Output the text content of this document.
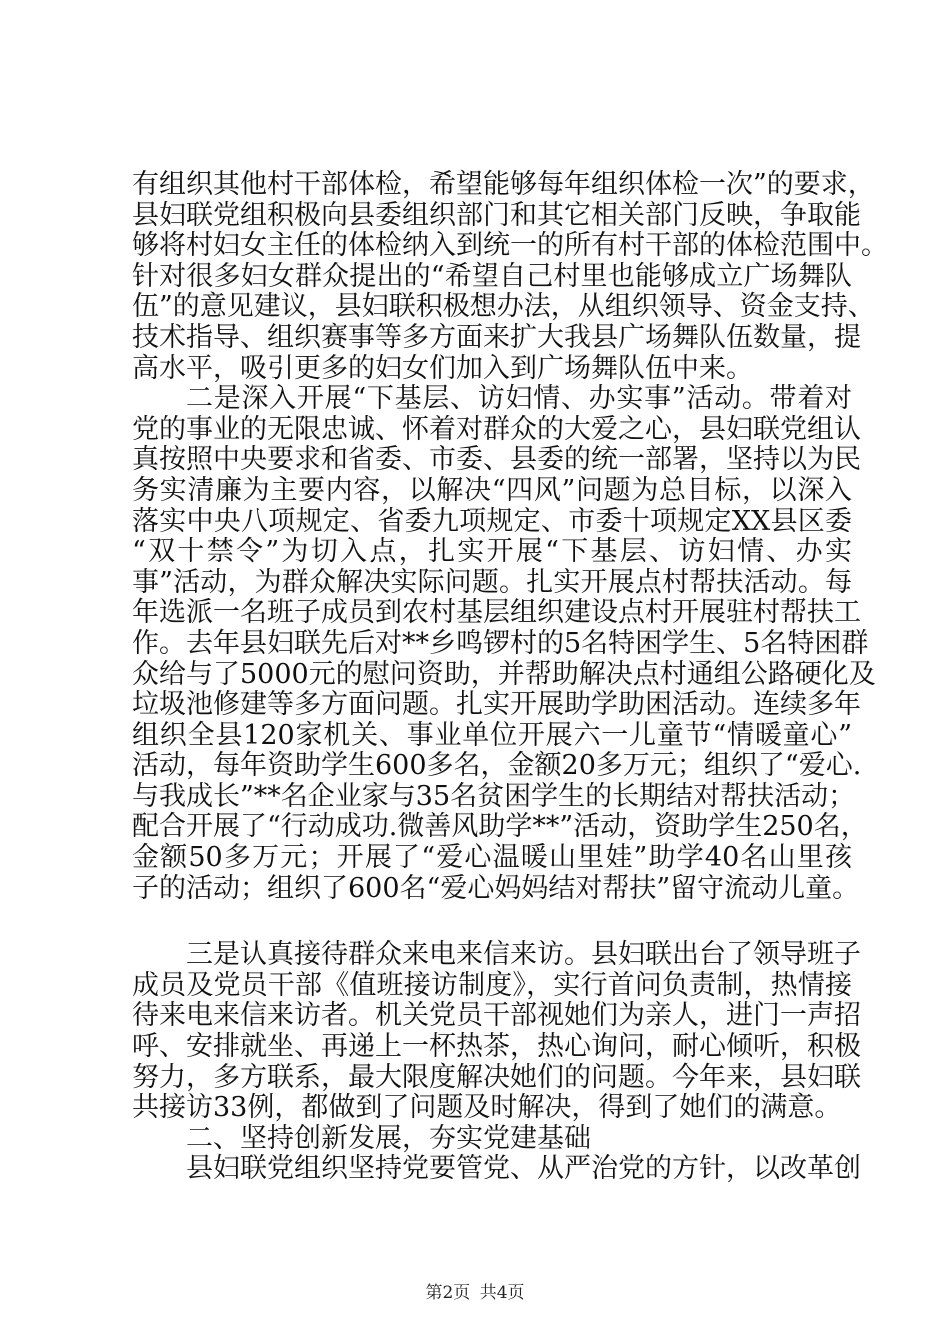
有组织其他村干部体检，希望能够每年组织体检一次”的要求，
县妇联党组积极向县委组织部门和其它相关部门反映，争取能
够将村妇女主任的体检纳入到统一的所有村干部的体检范围中。
针对很多妇女群众提出的“希望自己村里也能够成立广场舞队
伍”的意见建议，县妇联积极想办法，从组织领导、资金支持、
技术指导、组织赛事等多方面来扩大我县广场舞队伍数量，提
高水平，吸引更多的妇女们加入到广场舞队伍中来。
二是深入开展“下基层、访妇情、办实事”活动。带着对
党的事业的无限忠诚、怀着对群众的大爱之心，县妇联党组认
真按照中央要求和省委、市委、县委的统一部署，坚持以为民
务实清廉为主要内容，以解决“四风”问题为总目标，以深入
落实中央八项规定、省委九项规定、市委十项规定XX县区委
“双十禁令”为切入点，扎实开展“下基层、访妇情、办实
事”活动，为群众解决实际问题。扎实开展点村帮扶活动。每
年选派一名班子成员到农村基层组织建设点村开展驻村帮扶工
作。去年县妇联先后对**乡鸣锣村的5名特困学生、5名特困群
众给与了5000元的慰问资助，并帮助解决点村通组公路硬化及
垃圾池修建等多方面问题。扎实开展助学助困活动。连续多年
组织全县120家机关、事业单位开展六一儿童节“情暖童心”
活动，每年资助学生600多名，金额20多万元；组织了“爱心.
与我成长”**名企业家与35名贫困学生的长期结对帮扶活动；
配合开展了“行动成功.微善风助学**”活动，资助学生250名，
金额50多万元；开展了“爱心温暖山里娃”助学40名山里孩
子的活动；组织了600名“爱心妈妈结对帮扶”留守流动儿童。
三是认真接待群众来电来信来访。县妇联出台了领导班子
成员及党员干部《值班接访制度》，实行首问负责制，热情接
待来电来信来访者。机关党员干部视她们为亲人，进门一声招
呼、安排就坐、再递上一杯热茶，热心询问，耐心倾听，积极
努力，多方联系，最大限度解决她们的问题。今年来，县妇联
共接访33例，都做到了问题及时解决，得到了她们的满意。
二、坚持创新发展，夯实党建基础
县妇联党组织坚持党要管党、从严治党的方针，以改革创
第2页 共4页
